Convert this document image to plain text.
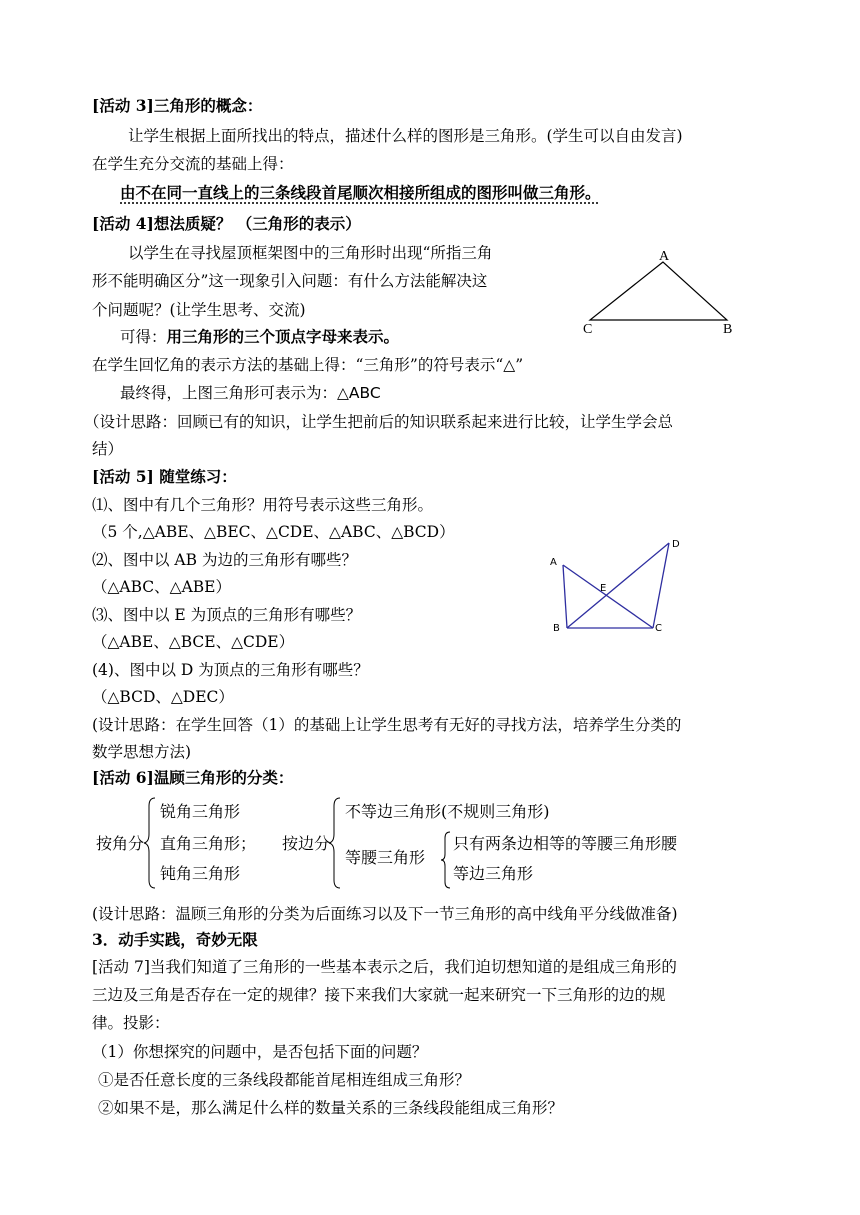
[活动 3]三角形的概念：
让学生根据上面所找出的特点，描述什么样的图形是三角形。(学生可以自由发言)
在学生充分交流的基础上得：
由不在同一直线上的三条线段首尾顺次相接所组成的图形叫做三角形。
[活动 4]想法质疑？ （三角形的表示）
以学生在寻找屋顶框架图中的三角形时出现“所指三角
形不能明确区分”这一现象引入问题：有什么方法能解决这
个问题呢？(让学生思考、交流)
可得：用三角形的三个顶点字母来表示。
在学生回忆角的表示方法的基础上得：“三角形”的符号表示“△”
最终得，上图三角形可表示为：△ABC
（设计思路：回顾已有的知识，让学生把前后的知识联系起来进行比较，让学生学会总
结）
A
C	B
[活动 5] 随堂练习：
⑴、图中有几个三角形？用符号表示这些三角形。
（5 个,△ABE、△BEC、△CDE、△ABC、△BCD）
⑵、图中以 AB 为边的三角形有哪些？
（△ABC、△ABE）
⑶、图中以 E 为顶点的三角形有哪些？
（△ABE、△BCE、△CDE）
(4)、图中以 D 为顶点的三角形有哪些？
（△BCD、△DEC）
(设计思路：在学生回答（1）的基础上让学生思考有无好的寻找方法，培养学生分类的
数学思想方法)
A
D
E
B	C
[活动 6]温顾三角形的分类：
按角分
锐角三角形
直角三角形；
钝角三角形
按边分
不等边三角形(不规则三角形)
等腰三角形
只有两条边相等的等腰三角形腰
等边三角形
(设计思路：温顾三角形的分类为后面练习以及下一节三角形的高中线角平分线做准备)
3．动手实践，奇妙无限
[活动 7]当我们知道了三角形的一些基本表示之后，我们迫切想知道的是组成三角形的
三边及三角是否存在一定的规律？接下来我们大家就一起来研究一下三角形的边的规
律。投影：
（1）你想探究的问题中，是否包括下面的问题？
①是否任意长度的三条线段都能首尾相连组成三角形？
②如果不是，那么满足什么样的数量关系的三条线段能组成三角形？
